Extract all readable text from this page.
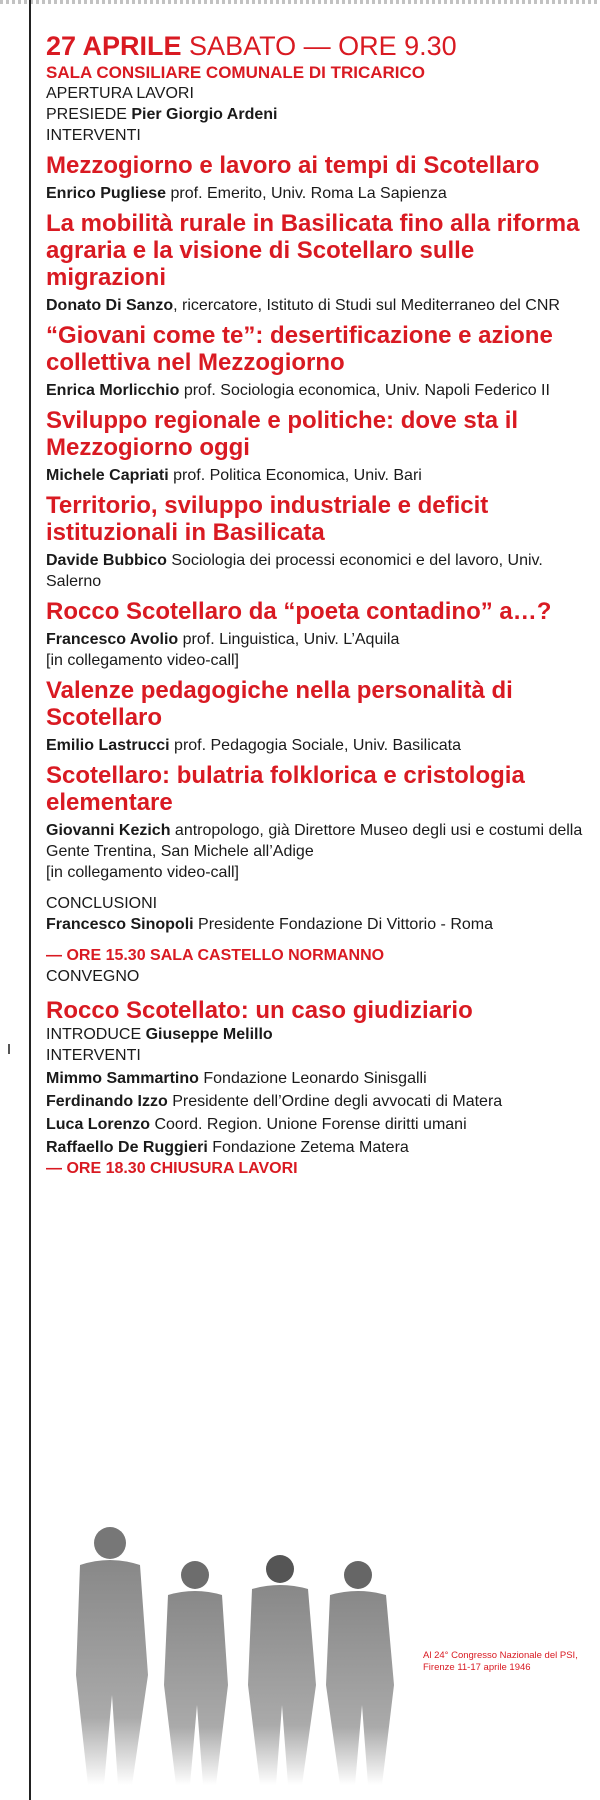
27 APRILE SABATO — ORE 9.30
SALA CONSILIARE COMUNALE DI TRICARICO
APERTURA LAVORI
PRESIEDE Pier Giorgio Ardeni
INTERVENTI
Mezzogiorno e lavoro ai tempi di Scotellaro
Enrico Pugliese prof. Emerito, Univ. Roma La Sapienza
La mobilità rurale in Basilicata fino alla riforma agraria e la visione di Scotellaro sulle migrazioni
Donato Di Sanzo, ricercatore, Istituto di Studi sul Mediterraneo del CNR
“Giovani come te”: desertificazione e azione collettiva nel Mezzogiorno
Enrica Morlicchio prof. Sociologia economica, Univ. Napoli Federico II
Sviluppo regionale e politiche: dove sta il Mezzogiorno oggi
Michele Capriati prof. Politica Economica, Univ. Bari
Territorio, sviluppo industriale e deficit istituzionali in Basilicata
Davide Bubbico Sociologia dei processi economici e del lavoro, Univ. Salerno
Rocco Scotellaro da “poeta contadino” a…?
Francesco Avolio prof. Linguistica, Univ. L’Aquila
[in collegamento video-call]
Valenze pedagogiche nella personalità di Scotellaro
Emilio Lastrucci prof. Pedagogia Sociale, Univ. Basilicata
Scotellaro: bulatria folklorica e cristologia elementare
Giovanni Kezich antropologo, già Direttore Museo degli usi e costumi della Gente Trentina, San Michele all’Adige
[in collegamento video-call]
CONCLUSIONI
Francesco Sinopoli Presidente Fondazione Di Vittorio - Roma
— ORE 15.30 SALA CASTELLO NORMANNO
CONVEGNO
Rocco Scotellato: un caso giudiziario
INTRODUCE Giuseppe Melillo
INTERVENTI
Mimmo Sammartino Fondazione Leonardo Sinisgalli
Ferdinando Izzo Presidente dell’Ordine degli avvocati di Matera
Luca Lorenzo Coord. Region. Unione Forense diritti umani
Raffaello De Ruggieri Fondazione Zetema Matera
— ORE 18.30 CHIUSURA LAVORI
Al 24° Congresso Nazionale del PSI, Firenze 11-17 aprile 1946
